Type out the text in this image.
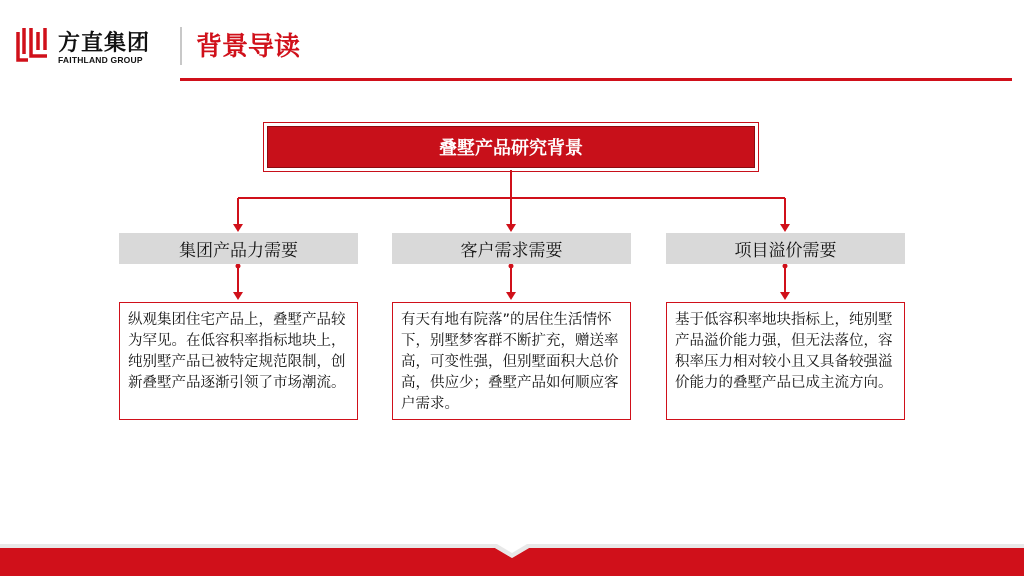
方直集团
FAITHLAND GROUP 背景导读
叠墅产品研究背景
集团产品力需要	客户需求需要	项目溢价需要
纵观集团住宅产品上，叠墅产品较为罕见。在低容积率指标地块上，纯别墅产品已被特定规范限制，创新叠墅产品逐渐引领了市场潮流。
有天有地有院落”的居住生活情怀下，别墅梦客群不断扩充，赠送率高，可变性强，但别墅面积大总价高，供应少；叠墅产品如何顺应客户需求。
基于低容积率地块指标上，纯别墅产品溢价能力强，但无法落位，容积率压力相对较小且又具备较强溢价能力的叠墅产品已成主流方向。
